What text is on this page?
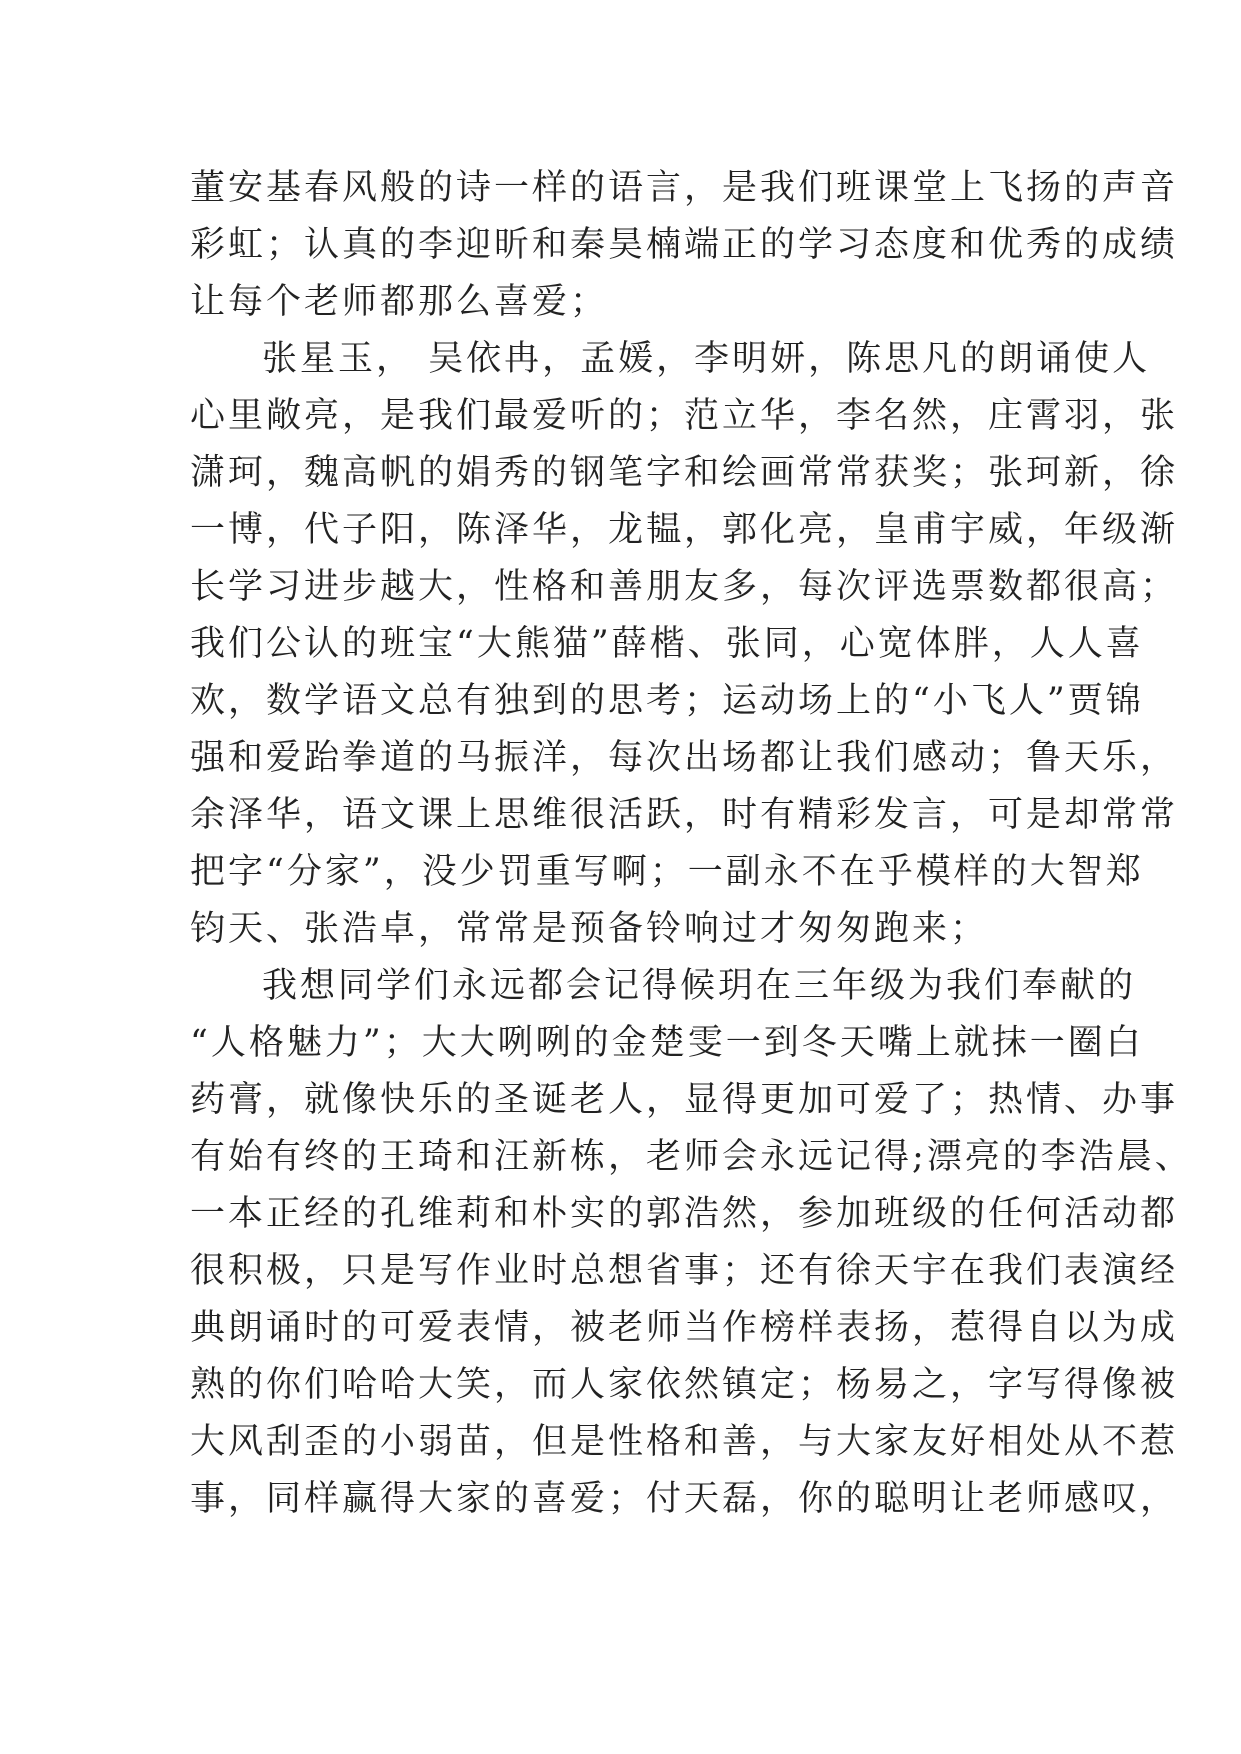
董安基春风般的诗一样的语言，是我们班课堂上飞扬的声音
彩虹；认真的李迎昕和秦昊楠端正的学习态度和优秀的成绩
让每个老师都那么喜爱；
张星玉， 吴依冉，孟媛，李明妍，陈思凡的朗诵使人
心里敞亮，是我们最爱听的；范立华，李名然，庄霄羽，张
潇珂，魏高帆的娟秀的钢笔字和绘画常常获奖；张珂新，徐
一博，代子阳，陈泽华，龙韫，郭化亮，皇甫宇威，年级渐
长学习进步越大，性格和善朋友多，每次评选票数都很高；
我们公认的班宝“大熊猫”薛楷、张同，心宽体胖，人人喜
欢，数学语文总有独到的思考；运动场上的“小飞人”贾锦
强和爱跆拳道的马振洋，每次出场都让我们感动；鲁天乐，
余泽华，语文课上思维很活跃，时有精彩发言，可是却常常
把字“分家”，没少罚重写啊；一副永不在乎模样的大智郑
钧天、张浩卓，常常是预备铃响过才匆匆跑来；
我想同学们永远都会记得候玥在三年级为我们奉献的
“人格魅力”；大大咧咧的金楚雯一到冬天嘴上就抹一圈白
药膏，就像快乐的圣诞老人，显得更加可爱了；热情、办事
有始有终的王琦和汪新栋，老师会永远记得;漂亮的李浩晨、
一本正经的孔维莉和朴实的郭浩然，参加班级的任何活动都
很积极，只是写作业时总想省事；还有徐天宇在我们表演经
典朗诵时的可爱表情，被老师当作榜样表扬，惹得自以为成
熟的你们哈哈大笑，而人家依然镇定；杨易之，字写得像被
大风刮歪的小弱苗，但是性格和善，与大家友好相处从不惹
事，同样赢得大家的喜爱；付天磊，你的聪明让老师感叹，
